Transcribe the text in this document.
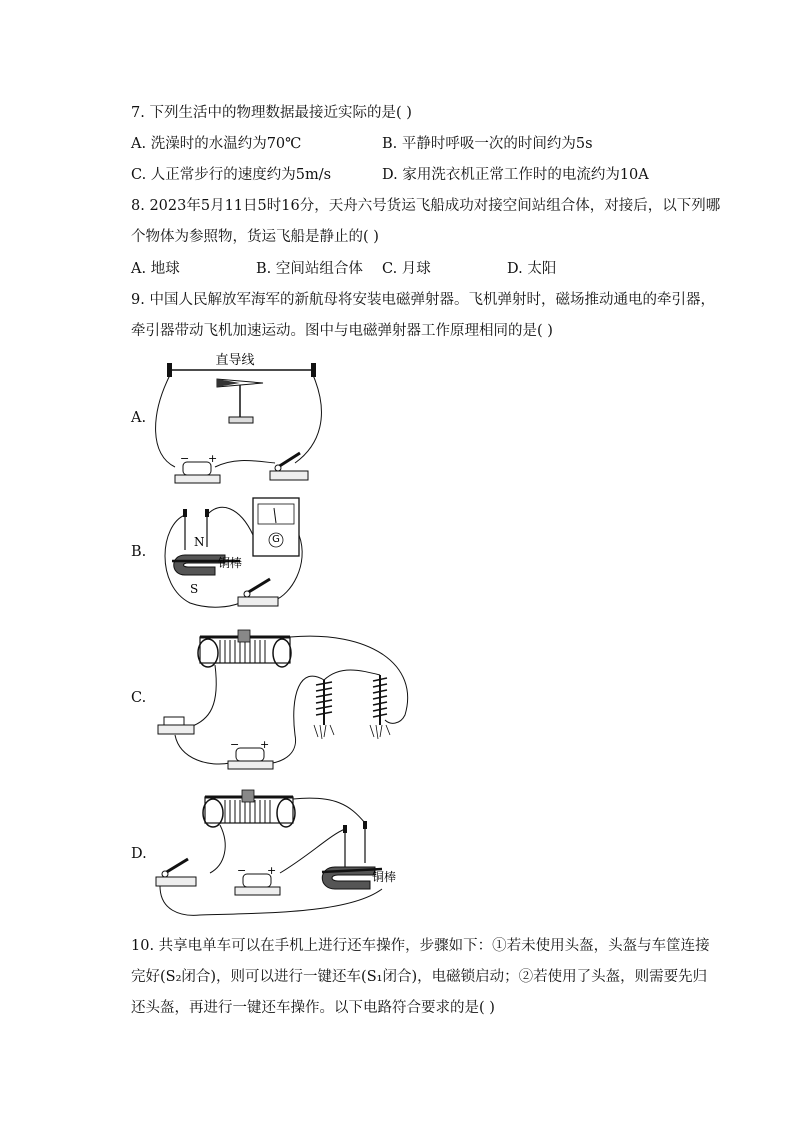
7. 下列生活中的物理数据最接近实际的是( )
A. 洗澡时的水温约为70℃	B. 平静时呼吸一次的时间约为5s
C. 人正常步行的速度约为5m/s	D. 家用洗衣机正常工作时的电流约为10A
8. 2023年5月11日5时16分，天舟六号货运飞船成功对接空间站组合体，对接后，以下列哪
个物体为参照物，货运飞船是静止的( )
A. 地球	B. 空间站组合体 C. 月球	D. 太阳
9. 中国人民解放军海军的新航母将安装电磁弹射器。飞机弹射时，磁场推动通电的牵引器，
牵引器带动飞机加速运动。图中与电磁弹射器工作原理相同的是( )
A.
直导线
− +
B.
G
N
铜棒
S
C.
− +
D.
铜棒
− +
10. 共享电单车可以在手机上进行还车操作，步骤如下：①若未使用头盔，头盔与车筐连接
完好(S₂闭合)，则可以进行一键还车(S₁闭合)，电磁锁启动；②若使用了头盔，则需要先归
还头盔，再进行一键还车操作。以下电路符合要求的是( )
